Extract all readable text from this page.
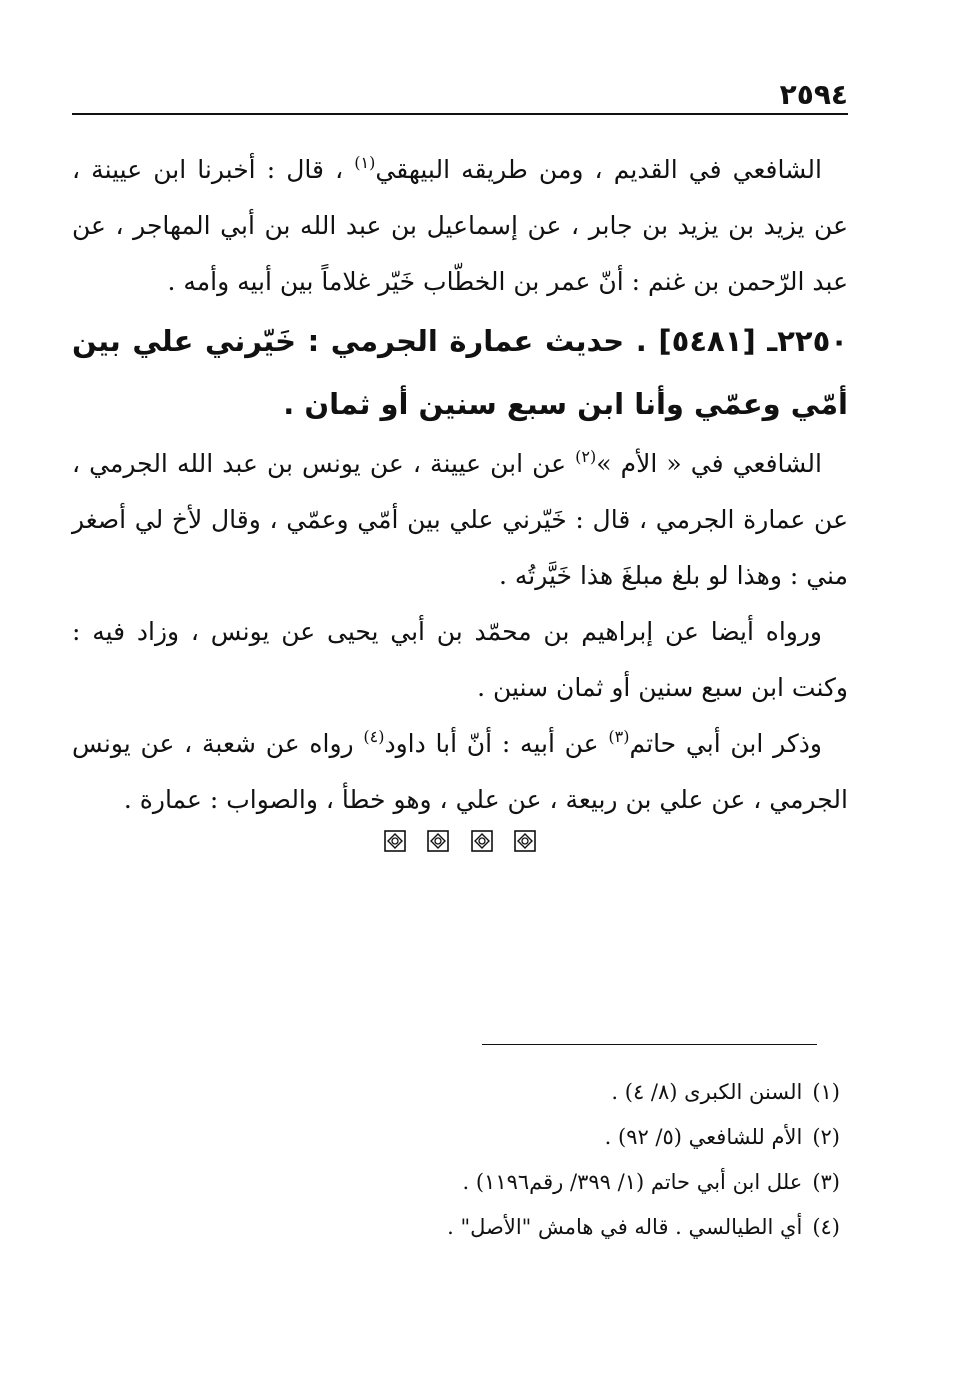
٢٥٩٤

الشافعي في القديم ، ومن طريقه البيهقي$^{(١)}$ ، قال : أخبرنا ابن عيينة ، عن يزيد بن يزيد بن جابر ، عن إسماعيل بن عبد الله بن أبي المهاجر ، عن عبد الرّحمن بن غنم : أنّ عمر بن الخطّاب خَيّر غلاماً بين أبيه وأمه .

٢٢٥٠ـ [٥٤٨١] . حديث عمارة الجرمي : خَيّرني علي بين أمّي وعمّي وأنا ابن سبع سنين أو ثمان .

الشافعي في « الأم »$^{(٢)}$ عن ابن عيينة ، عن يونس بن عبد الله الجرمي ، عن عمارة الجرمي ، قال : خَيّرني علي بين أمّي وعمّي ، وقال لأخ لي أصغر مني : وهذا لو بلغ مبلغَ هذا خَيَّرتُه .

ورواه أيضا عن إبراهيم بن محمّد بن أبي يحيى عن يونس ، وزاد فيه : وكنت ابن سبع سنين أو ثمان سنين .

وذكر ابن أبي حاتم$^{(٣)}$ عن أبيه : أنّ أبا داود$^{(٤)}$ رواه عن شعبة ، عن يونس الجرمي ، عن علي بن ربيعة ، عن علي ، وهو خطأ ، والصواب : عمارة .

(١)السنن الكبرى (٨/ ٤) .
(٢)الأم للشافعي (٥/ ٩٢) .
(٣)علل ابن أبي حاتم (١/ ٣٩٩/ رقم١١٩٦) .
(٤)أي الطيالسي . قاله في هامش "الأصل" .
